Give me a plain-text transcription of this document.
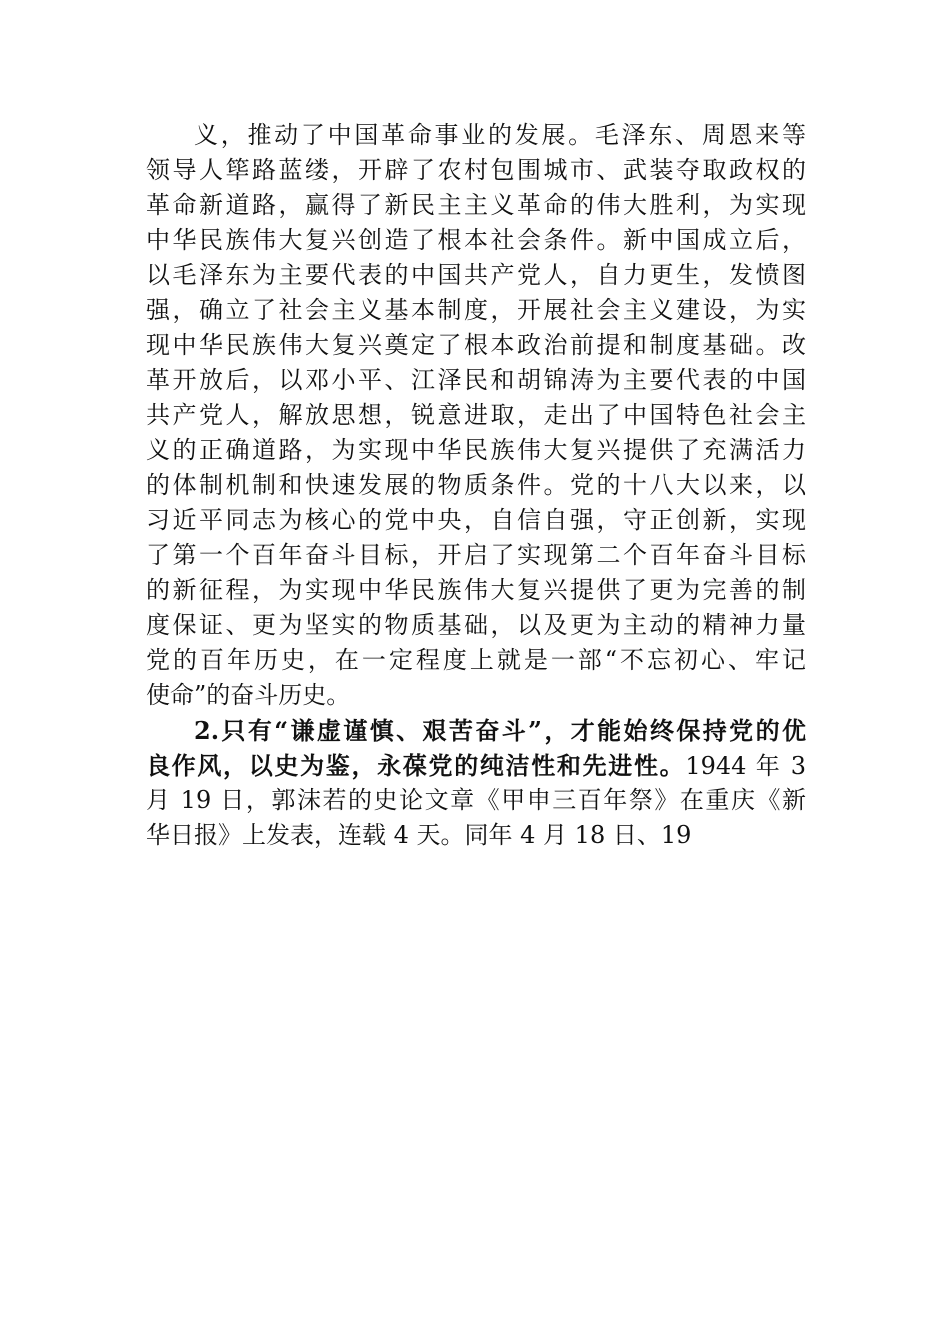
义，推动了中国革命事业的发展。毛泽东、周恩来等
领导人筚路蓝缕，开辟了农村包围城市、武装夺取政权的
革命新道路，赢得了新民主主义革命的伟大胜利，为实现
中华民族伟大复兴创造了根本社会条件。新中国成立后，
以毛泽东为主要代表的中国共产党人，自力更生，发愤图
强，确立了社会主义基本制度，开展社会主义建设，为实
现中华民族伟大复兴奠定了根本政治前提和制度基础。改
革开放后，以邓小平、江泽民和胡锦涛为主要代表的中国
共产党人，解放思想，锐意进取，走出了中国特色社会主
义的正确道路，为实现中华民族伟大复兴提供了充满活力
的体制机制和快速发展的物质条件。党的十八大以来，以
习近平同志为核心的党中央，自信自强，守正创新，实现
了第一个百年奋斗目标，开启了实现第二个百年奋斗目标
的新征程，为实现中华民族伟大复兴提供了更为完善的制
度保证、更为坚实的物质基础，以及更为主动的精神力量
党的百年历史，在一定程度上就是一部“不忘初心、牢记
使命”的奋斗历史。
2.只有“谦虚谨慎、艰苦奋斗”，才能始终保持党的优
良作风，以史为鉴，永葆党的纯洁性和先进性。1944 年 3
月 19 日，郭沫若的史论文章《甲申三百年祭》在重庆《新
华日报》上发表，连载 4 天。同年 4 月 18 日、19
